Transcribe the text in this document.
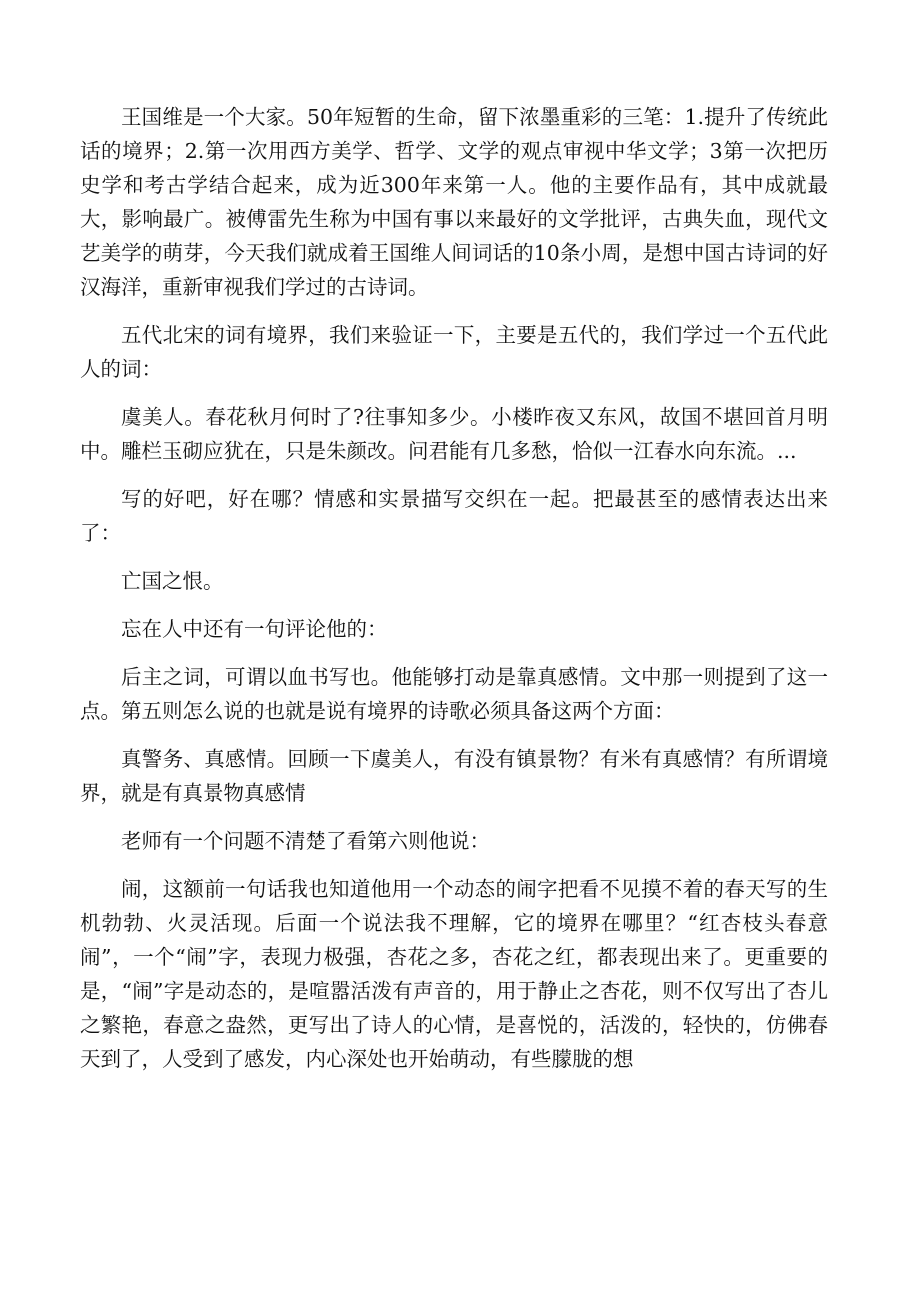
王国维是一个大家。50年短暂的生命，留下浓墨重彩的三笔：1.提升了传统此话的境界；2.第一次用西方美学、哲学、文学的观点审视中华文学；3第一次把历史学和考古学结合起来，成为近300年来第一人。他的主要作品有，其中成就最大，影响最广。被傅雷先生称为中国有事以来最好的文学批评，古典失血，现代文艺美学的萌芽，今天我们就成着王国维人间词话的10条小周，是想中国古诗词的好汉海洋，重新审视我们学过的古诗词。

五代北宋的词有境界，我们来验证一下，主要是五代的，我们学过一个五代此人的词：

虞美人。春花秋月何时了?往事知多少。小楼昨夜又东风，故国不堪回首月明中。雕栏玉砌应犹在，只是朱颜改。问君能有几多愁，恰似一江春水向东流。...

写的好吧，好在哪？情感和实景描写交织在一起。把最甚至的感情表达出来了：

亡国之恨。

忘在人中还有一句评论他的：

后主之词，可谓以血书写也。他能够打动是靠真感情。文中那一则提到了这一点。第五则怎么说的也就是说有境界的诗歌必须具备这两个方面：

真警务、真感情。回顾一下虞美人，有没有镇景物？有米有真感情？有所谓境界，就是有真景物真感情

老师有一个问题不清楚了看第六则他说：

闹，这额前一句话我也知道他用一个动态的闹字把看不见摸不着的春天写的生机勃勃、火灵活现。后面一个说法我不理解，它的境界在哪里？“红杏枝头春意闹”，一个“闹”字，表现力极强，杏花之多，杏花之红，都表现出来了。更重要的是，“闹”字是动态的，是喧嚣活泼有声音的，用于静止之杏花，则不仅写出了杏儿之繁艳，春意之盎然，更写出了诗人的心情，是喜悦的，活泼的，轻快的，仿佛春天到了，人受到了感发，内心深处也开始萌动，有些朦胧的想
